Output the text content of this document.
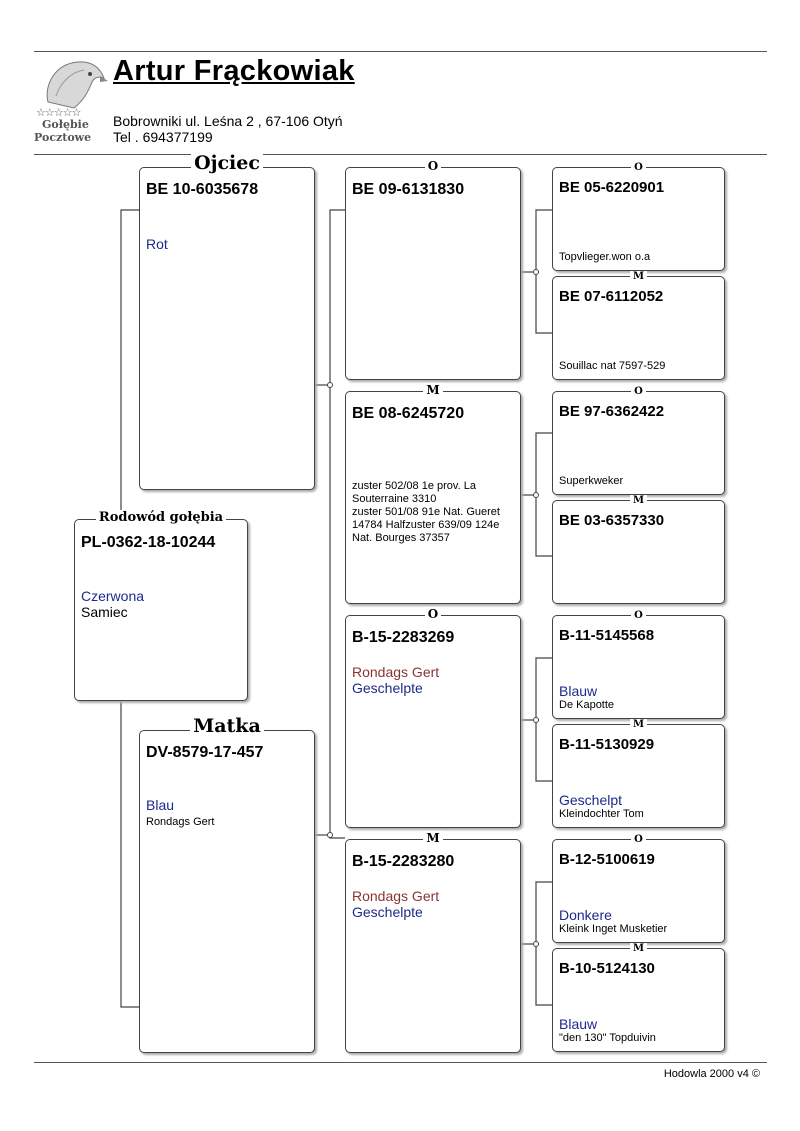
☆☆☆☆☆
Gołębie
Pocztowe
Artur Frąckowiak
Bobrowniki ul. Leśna 2 , 67-106 Otyń
Tel . 694377199
Rodowód gołębia
PL-0362-18-10244
Czerwona
Samiec
Ojciec
BE 10-6035678
Rot
Matka
DV-8579-17-457
Blau
Rondags Gert
O
BE 09-6131830
M
BE 08-6245720
zuster 502/08 1e prov. La Souterraine 3310
zuster 501/08 91e Nat. Gueret 14784 Halfzuster 639/09 124e Nat. Bourges 37357
O
B-15-2283269
Rondags Gert
Geschelpte
M
B-15-2283280
Rondags Gert
Geschelpte
O
BE 05-6220901
Topvlieger.won o.a
M
BE 07-6112052
Souillac nat 7597-529
O
BE 97-6362422
Superkweker
M
BE 03-6357330
O
B-11-5145568
Blauw
De Kapotte
M
B-11-5130929
Geschelpt
Kleindochter Tom
O
B-12-5100619
Donkere
Kleink Inget Musketier
M
B-10-5124130
Blauw
"den 130" Topduivin
Hodowla 2000 v4 ©
